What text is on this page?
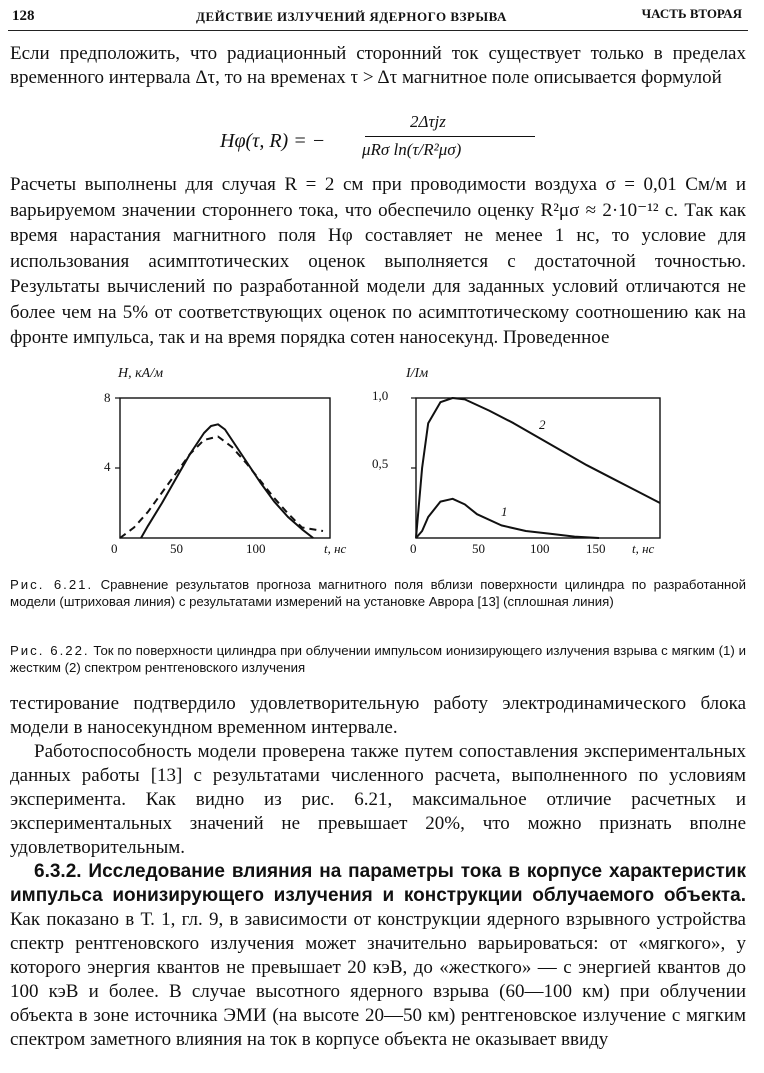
128	ДЕЙСТВИЕ ИЗЛУЧЕНИЙ ЯДЕРНОГО ВЗРЫВА	ЧАСТЬ ВТОРАЯ
Если предположить, что радиационный сторонний ток существует только в пределах временного интервала Δτ, то на временах τ > Δτ магнитное поле описывается формулой
Hφ(τ, R) = −
2Δτjz
μRσ ln(τ/R²μσ)
Расчеты выполнены для случая R = 2 см при проводимости воздуха σ = 0,01 См/м и варьируемом значении стороннего тока, что обеспечило оценку R²μσ ≈ 2·10⁻¹² с. Так как время нарастания магнитного поля Hφ составляет не менее 1 нс, то условие для использования асимптотических оценок выполняется с достаточной точностью. Результаты вычислений по разработанной модели для заданных условий отличаются не более чем на 5% от соответствующих оценок по асимптотическому соотношению как на фронте импульса, так и на время порядка сотен наносекунд. Проведенное
H, кА/м
8
4
0	50	100	t, нс
I/Iм
1,0
0,5
0	50	100	150 t, нс
2
1
Рис. 6.21. Сравнение результатов прогноза магнитного поля вблизи поверхности цилиндра по разработанной модели (штриховая линия) с результатами измерений на установке Аврора [13] (сплошная линия)
Рис. 6.22. Ток по поверхности цилиндра при облучении импульсом ионизирующего излучения взрыва с мягким (1) и жестким (2) спектром рентгеновского излучения
тестирование подтвердило удовлетворительную работу электродинамического блока модели в наносекундном временном интервале.
Работоспособность модели проверена также путем сопоставления экспериментальных данных работы [13] с результатами численного расчета, выполненного по условиям эксперимента. Как видно из рис. 6.21, максимальное отличие расчетных и экспериментальных значений не превышает 20%, что можно признать вполне удовлетворительным.
6.3.2. Исследование влияния на параметры тока в корпусе характеристик импульса ионизирующего излучения и конструкции облучаемого объекта. Как показано в Т. 1, гл. 9, в зависимости от конструкции ядерного взрывного устройства спектр рентгеновского излучения может значительно варьироваться: от «мягкого», у которого энергия квантов не превышает 20 кэВ, до «жесткого» — с энергией квантов до 100 кэВ и более. В случае высотного ядерного взрыва (60—100 км) при облучении объекта в зоне источника ЭМИ (на высоте 20—50 км) рентгеновское излучение с мягким спектром заметного влияния на ток в корпусе объекта не оказывает ввиду
